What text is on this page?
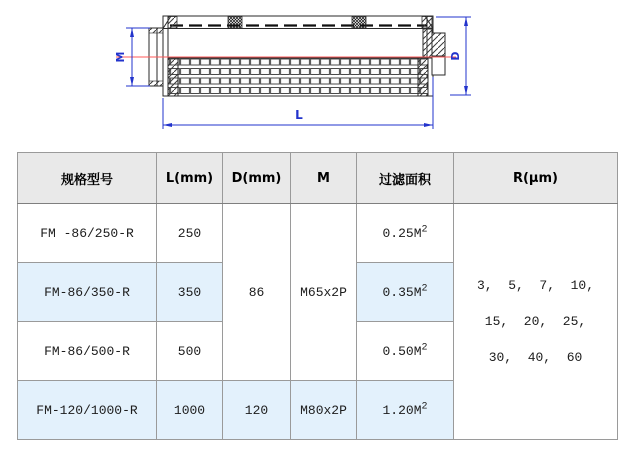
M	D
L
规格型号	L(mm)	D(mm)	M	过滤面积	R(μm)
FM -86/250-R	250	86	M65x2P	$0.25M^2$	3,  5,  7,  10,
15,  20,  25,
30,  40,  60

FM-86/350-R	350			$0.35M^2$
FM-86/500-R	500			$0.50M^2$
FM-120/1000-R	1000	120	M80x2P	$1.20M^2$
